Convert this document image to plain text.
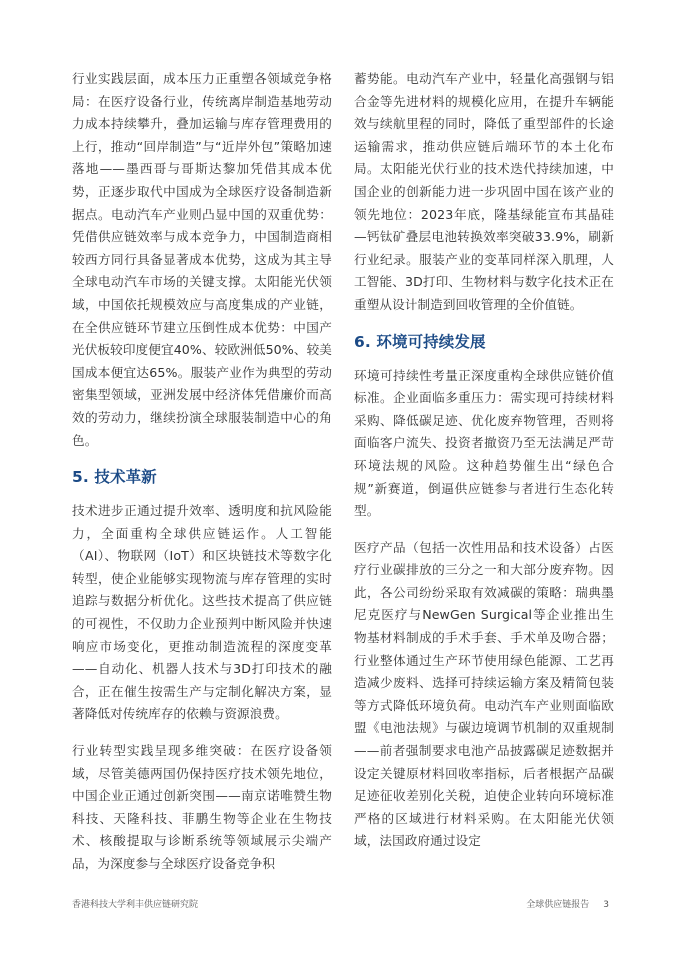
行业实践层面，成本压力正重塑各领域竞争格局：在医疗设备行业，传统离岸制造基地劳动力成本持续攀升，叠加运输与库存管理费用的上行，推动“回岸制造”与“近岸外包”策略加速落地——墨西哥与哥斯达黎加凭借其成本优势，正逐步取代中国成为全球医疗设备制造新据点。电动汽车产业则凸显中国的双重优势：凭借供应链效率与成本竞争力，中国制造商相较西方同行具备显著成本优势，这成为其主导全球电动汽车市场的关键支撑。太阳能光伏领域，中国依托规模效应与高度集成的产业链，在全供应链环节建立压倒性成本优势：中国产光伏板较印度便宜40%、较欧洲低50%、较美国成本便宜达65%。服装产业作为典型的劳动密集型领域，亚洲发展中经济体凭借廉价而高效的劳动力，继续扮演全球服装制造中心的角色。

5. 技术革新

技术进步正通过提升效率、透明度和抗风险能力，全面重构全球供应链运作。人工智能（AI）、物联网（IoT）和区块链技术等数字化转型，使企业能够实现物流与库存管理的实时追踪与数据分析优化。这些技术提高了供应链的可视性，不仅助力企业预判中断风险并快速响应市场变化，更推动制造流程的深度变革——自动化、机器人技术与3D打印技术的融合，正在催生按需生产与定制化解决方案，显著降低对传统库存的依赖与资源浪费。

行业转型实践呈现多维突破：在医疗设备领域，尽管美德两国仍保持医疗技术领先地位，中国企业正通过创新突围——南京诺唯赞生物科技、天隆科技、菲鹏生物等企业在生物技术、核酸提取与诊断系统等领域展示尖端产品，为深度参与全球医疗设备竞争积

蓄势能。电动汽车产业中，轻量化高强钢与铝合金等先进材料的规模化应用，在提升车辆能效与续航里程的同时，降低了重型部件的长途运输需求，推动供应链后端环节的本土化布局。太阳能光伏行业的技术迭代持续加速，中国企业的创新能力进一步巩固中国在该产业的领先地位：2023年底，隆基绿能宣布其晶硅—钙钛矿叠层电池转换效率突破33.9%，刷新行业纪录。服装产业的变革同样深入肌理，人工智能、3D打印、生物材料与数字化技术正在重塑从设计制造到回收管理的全价值链。

6. 环境可持续发展

环境可持续性考量正深度重构全球供应链价值标准。企业面临多重压力：需实现可持续材料采购、降低碳足迹、优化废弃物管理，否则将面临客户流失、投资者撤资乃至无法满足严苛环境法规的风险。这种趋势催生出“绿色合规”新赛道，倒逼供应链参与者进行生态化转型。

医疗产品（包括一次性用品和技术设备）占医疗行业碳排放的三分之一和大部分废弃物。因此，各公司纷纷采取有效减碳的策略：瑞典墨尼克医疗与NewGen Surgical等企业推出生物基材料制成的手术手套、手术单及吻合器；行业整体通过生产环节使用绿色能源、工艺再造减少废料、选择可持续运输方案及精简包装等方式降低环境负荷。电动汽车产业则面临欧盟《电池法规》与碳边境调节机制的双重规制——前者强制要求电池产品披露碳足迹数据并设定关键原材料回收率指标，后者根据产品碳足迹征收差别化关税，迫使企业转向环境标准严格的区域进行材料采购。在太阳能光伏领域，法国政府通过设定

香港科技大学利丰供应链研究院	全球供应链报告 3
